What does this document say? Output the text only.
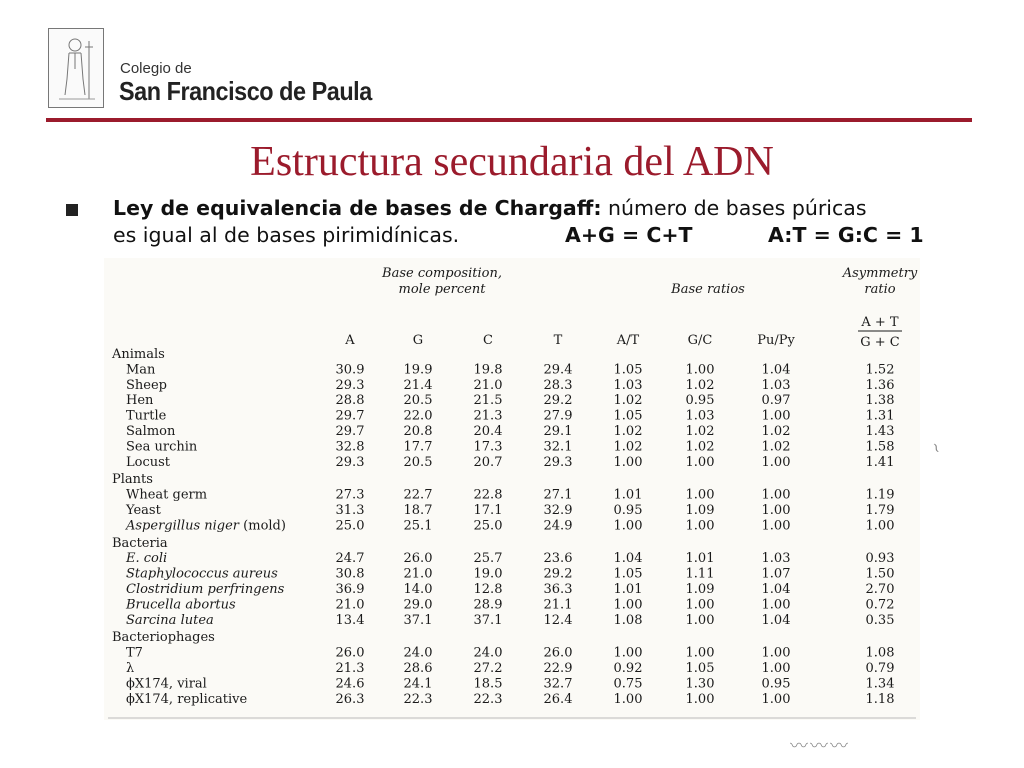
Colegio de
San Francisco de Paula
Estructura secundaria del ADN
Ley de equivalencia de bases de Chargaff: número de bases púricas
es igual al de bases pirimidínicas.	A+G = C+T	A:T = G:C = 1
Base composition,
mole percent	Base ratios
Asymmetry
ratio
A + T
G + C
A	G	C	T	A/T	G/C	Pu/Py
Animals
Man	30.9	19.9	19.8	29.4	1.05	1.00	1.04	1.52
Sheep	29.3	21.4	21.0	28.3	1.03	1.02	1.03	1.36
Hen	28.8	20.5	21.5	29.2	1.02	0.95	0.97	1.38
Turtle	29.7	22.0	21.3	27.9	1.05	1.03	1.00	1.31
Salmon	29.7	20.8	20.4	29.1	1.02	1.02	1.02	1.43
Sea urchin	32.8	17.7	17.3	32.1	1.02	1.02	1.02	1.58
Locust	29.3	20.5	20.7	29.3	1.00	1.00	1.00	1.41
Plants
Wheat germ	27.3	22.7	22.8	27.1	1.01	1.00	1.00	1.19
Yeast	31.3	18.7	17.1	32.9	0.95	1.09	1.00	1.79
Aspergillus niger (mold)	25.0	25.1	25.0	24.9	1.00	1.00	1.00	1.00
Bacteria
E. coli	24.7	26.0	25.7	23.6	1.04	1.01	1.03	0.93
Staphylococcus aureus	30.8	21.0	19.0	29.2	1.05	1.11	1.07	1.50
Clostridium perfringens	36.9	14.0	12.8	36.3	1.01	1.09	1.04	2.70
Brucella abortus	21.0	29.0	28.9	21.1	1.00	1.00	1.00	0.72
Sarcina lutea	13.4	37.1	37.1	12.4	1.08	1.00	1.04	0.35
Bacteriophages
T7	26.0	24.0	24.0	26.0	1.00	1.00	1.00	1.08
λ	21.3	28.6	27.2	22.9	0.92	1.05	1.00	0.79
ϕX174, viral	24.6	24.1	18.5	32.7	0.75	1.30	0.95	1.34
ϕX174, replicative	26.3	22.3	22.3	26.4	1.00	1.00	1.00	1.18
~
〰〰〰
